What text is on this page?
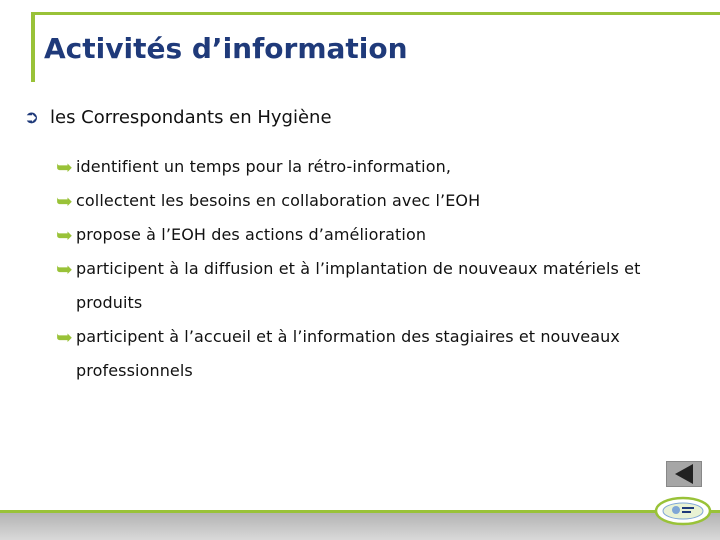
Activités d’information
➲ les Correspondants en Hygiène
➥ identifient un temps pour la rétro-information,
➥ collectent les besoins en collaboration avec l’EOH
➥ propose à l’EOH des actions d’amélioration
➥ participent à la diffusion et à l’implantation de nouveaux matériels et produits
➥ participent à l’accueil et à l’information des stagiaires et nouveaux professionnels
